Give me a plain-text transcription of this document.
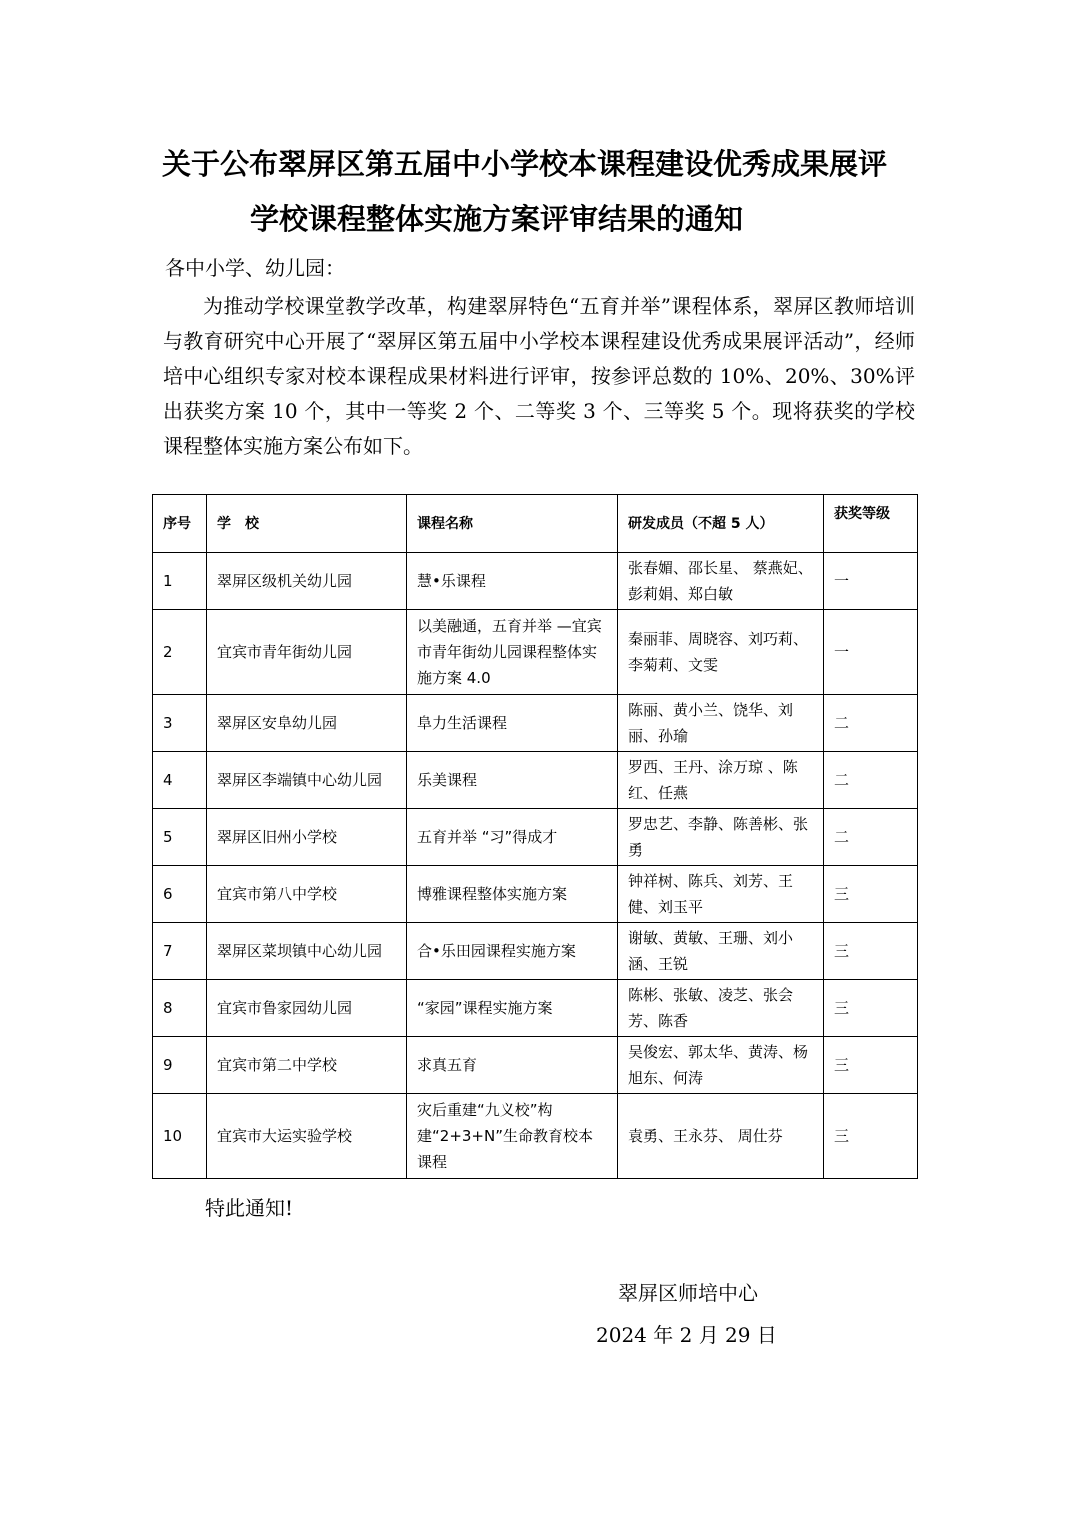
关于公布翠屏区第五届中小学校本课程建设优秀成果展评
学校课程整体实施方案评审结果的通知
各中小学、幼儿园：

为推动学校课堂教学改革，构建翠屏特色“五育并举”课程体系，翠屏区教师培训与教育研究中心开展了“翠屏区第五届中小学校本课程建设优秀成果展评活动”，经师培中心组织专家对校本课程成果材料进行评审，按参评总数的 10%、20%、30%评出获奖方案 10 个，其中一等奖 2 个、二等奖 3 个、三等奖 5 个。现将获奖的学校课程整体实施方案公布如下。

序号	学　校	课程名称	研发成员（不超 5 人）	获奖等级
1	翠屏区级机关幼儿园	慧•乐课程	张春媚、邵长星、 蔡燕妃、彭莉娟、郑白敏	一
2	宜宾市青年街幼儿园	以美融通，五育并举 —宜宾市青年街幼儿园课程整体实施方案 4.0	秦丽菲、周晓容、刘巧莉、李菊莉、文雯	一
3	翠屏区安阜幼儿园	阜力生活课程	陈丽、黄小兰、饶华、刘丽、孙瑜	二
4	翠屏区李端镇中心幼儿园	乐美课程	罗西、王丹、涂万琼 、陈红、任燕	二
5	翠屏区旧州小学校	五育并举 “习”得成才	罗忠艺、李静、陈善彬、张勇	二
6	宜宾市第八中学校	博雅课程整体实施方案	钟祥树、陈兵、刘芳、王健、刘玉平	三
7	翠屏区菜坝镇中心幼儿园	合•乐田园课程实施方案	谢敏、黄敏、王珊、刘小涵、王锐	三
8	宜宾市鲁家园幼儿园	“家园”课程实施方案	陈彬、张敏、凌芝、张会芳、陈香	三
9	宜宾市第二中学校	求真五育	吴俊宏、郭太华、黄涛、杨旭东、何涛	三
10	宜宾市大运实验学校	灾后重建“九义校”构建“2+3+N”生命教育校本课程	袁勇、王永芬、 周仕芬	三
特此通知!
翠屏区师培中心
2024 年 2 月 29 日
